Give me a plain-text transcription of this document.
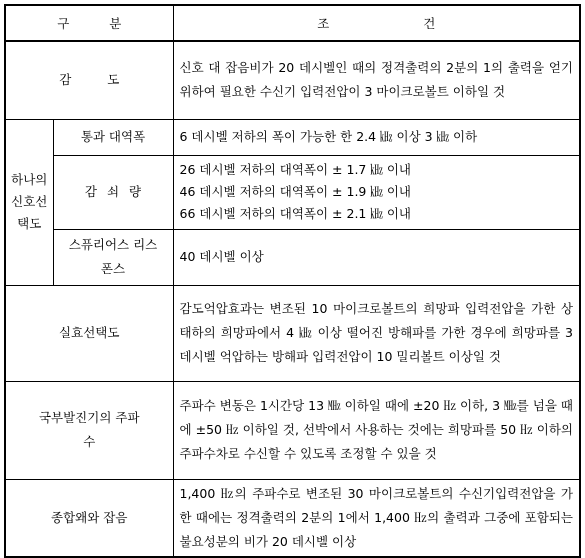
구 분		조 건
감 도		신호 대 잡음비가 20 데시벨인 때의 정격출력의 2분의 1의 출력을 얻기 위하여 필요한 수신기 입력전압이 3 마이크로볼트 이하일 것

하나의 신호선택도	통과 대역폭	6 데시벨 저하의 폭이 가능한 한 2.4 ㎑ 이상 3 ㎑ 이하
	감 쇠 량	26 데시벨 저하의 대역폭이 ± 1.7 ㎑ 이내
46 데시벨 저하의 대역폭이 ± 1.9 ㎑ 이내
66 데시벨 저하의 대역폭이 ± 2.1 ㎑ 이내

	스퓨리어스 리스폰스	40 데시벨 이상
실효선택도		감도억압효과는 변조된 10 마이크로볼트의 희망파 입력전압을 가한 상태하의 희망파에서 4 ㎑ 이상 떨어진 방해파를 가한 경우에 희망파를 3 데시벨 억압하는 방해파 입력전압이 10 밀리볼트 이상일 것
국부발진기의 주파수		주파수 변동은 1시간당 13 ㎒ 이하일 때에 ±20 ㎐ 이하, 3 ㎒를 넘을 때에 ±50 ㎐ 이하일 것, 선박에서 사용하는 것에는 희망파를 50 ㎐ 이하의 주파수차로 수신할 수 있도록 조정할 수 있을 것
종합왜와 잡음		1,400 ㎐의 주파수로 변조된 30 마이크로볼트의 수신기입력전압을 가한 때에는 정격출력의 2분의 1에서 1,400 ㎐의 출력과 그중에 포함되는 불요성분의 비가 20 데시벨 이상
